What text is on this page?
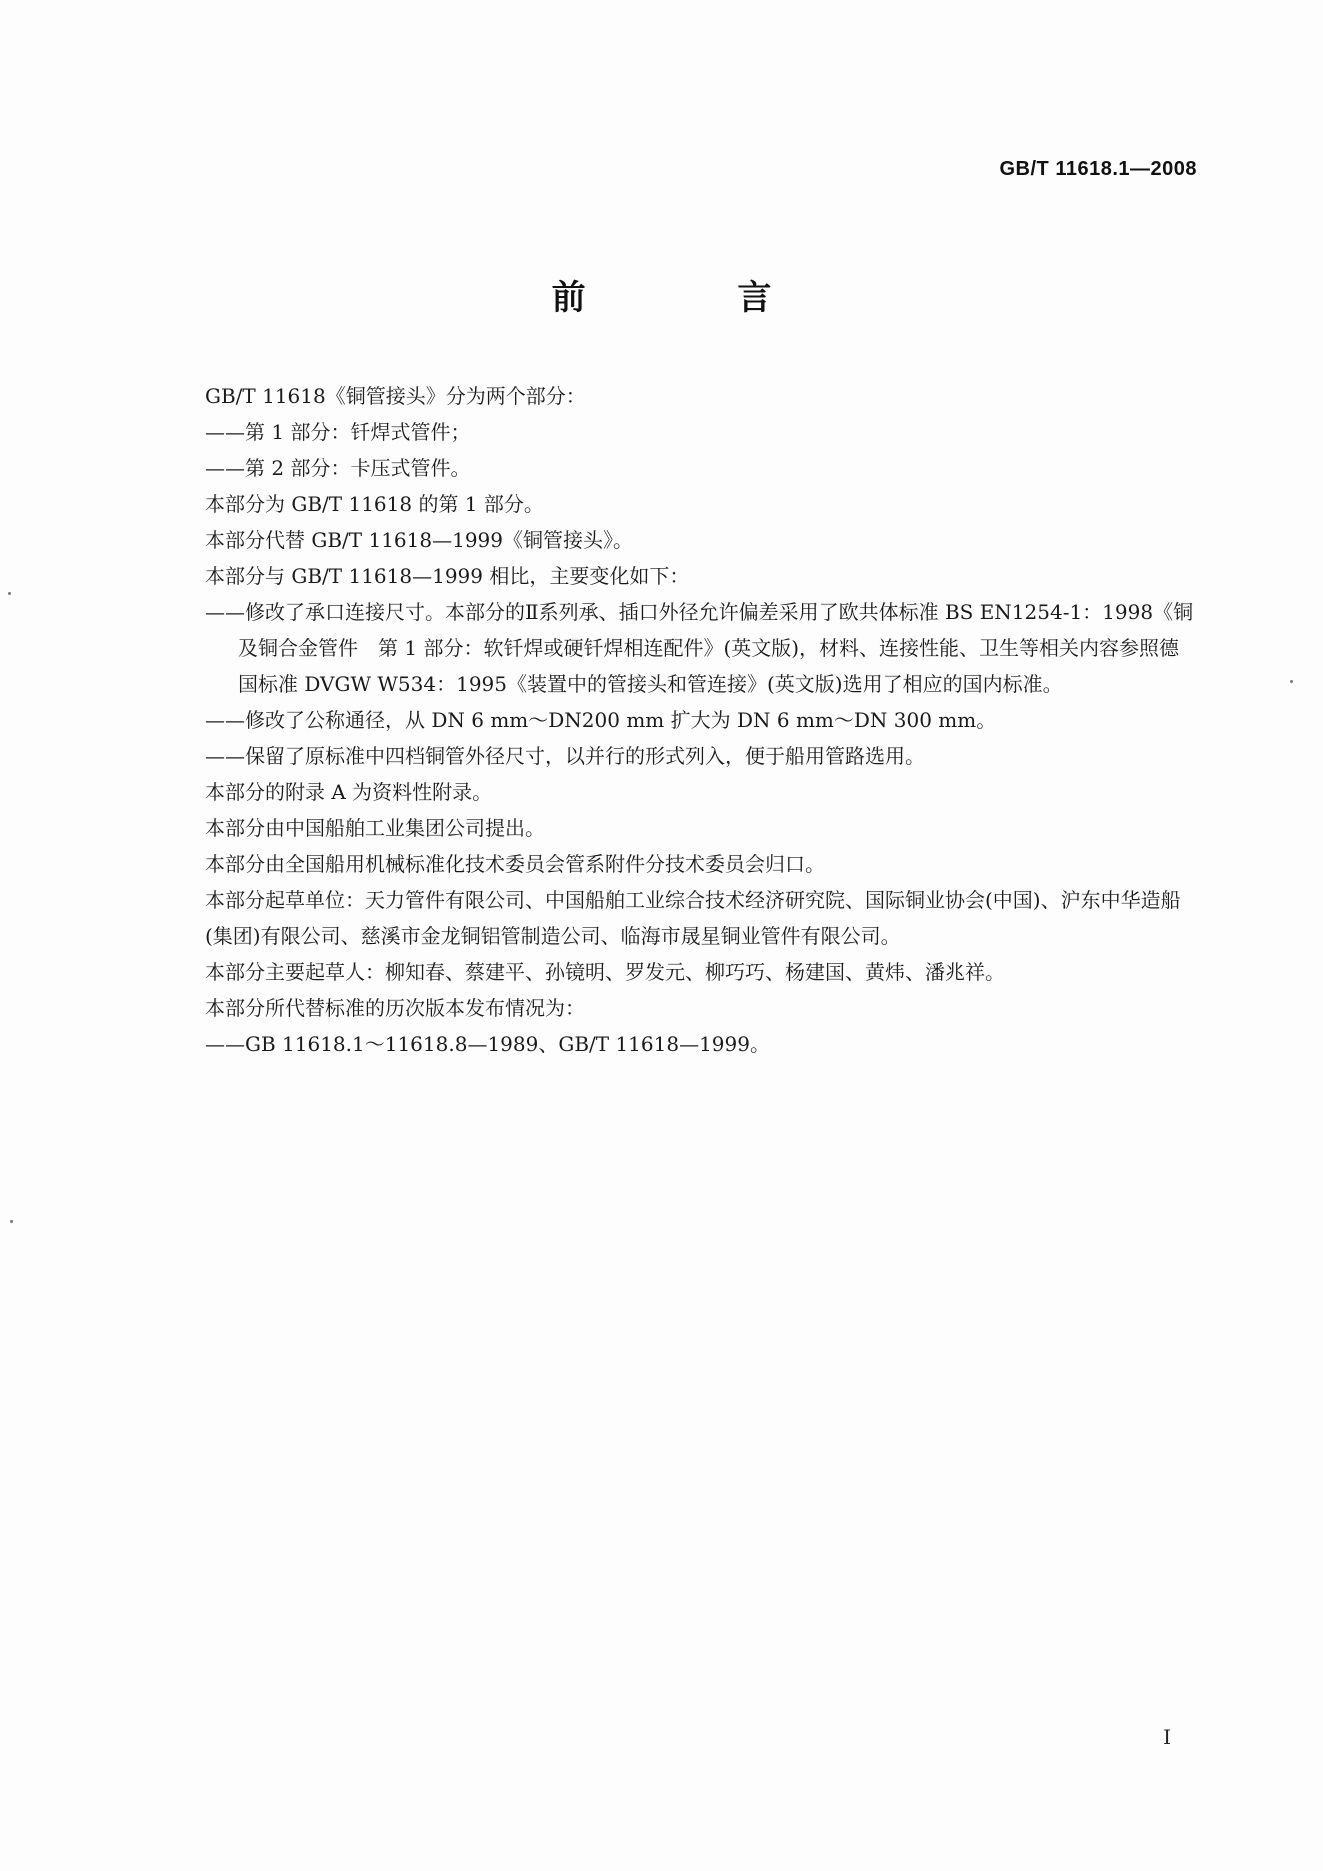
GB/T 11618.1—2008
前 言

GB/T 11618《铜管接头》分为两个部分：

——第 1 部分：钎焊式管件；

——第 2 部分：卡压式管件。

本部分为 GB/T 11618 的第 1 部分。

本部分代替 GB/T 11618—1999《铜管接头》。

本部分与 GB/T 11618—1999 相比，主要变化如下：

——修改了承口连接尺寸。本部分的Ⅱ系列承、插口外径允许偏差采用了欧共体标准 BS EN1254-1：1998《铜及铜合金管件　第 1 部分：软钎焊或硬钎焊相连配件》(英文版)，材料、连接性能、卫生等相关内容参照德国标准 DVGW W534：1995《装置中的管接头和管连接》(英文版)选用了相应的国内标准。

——修改了公称通径，从 DN 6 mm～DN200 mm 扩大为 DN 6 mm～DN 300 mm。

——保留了原标准中四档铜管外径尺寸，以并行的形式列入，便于船用管路选用。

本部分的附录 A 为资料性附录。

本部分由中国船舶工业集团公司提出。

本部分由全国船用机械标准化技术委员会管系附件分技术委员会归口。

本部分起草单位：天力管件有限公司、中国船舶工业综合技术经济研究院、国际铜业协会(中国)、沪东中华造船(集团)有限公司、慈溪市金龙铜铝管制造公司、临海市晟星铜业管件有限公司。

本部分主要起草人：柳知春、蔡建平、孙镜明、罗发元、柳巧巧、杨建国、黄炜、潘兆祥。

本部分所代替标准的历次版本发布情况为：

——GB 11618.1～11618.8—1989、GB/T 11618—1999。

I
